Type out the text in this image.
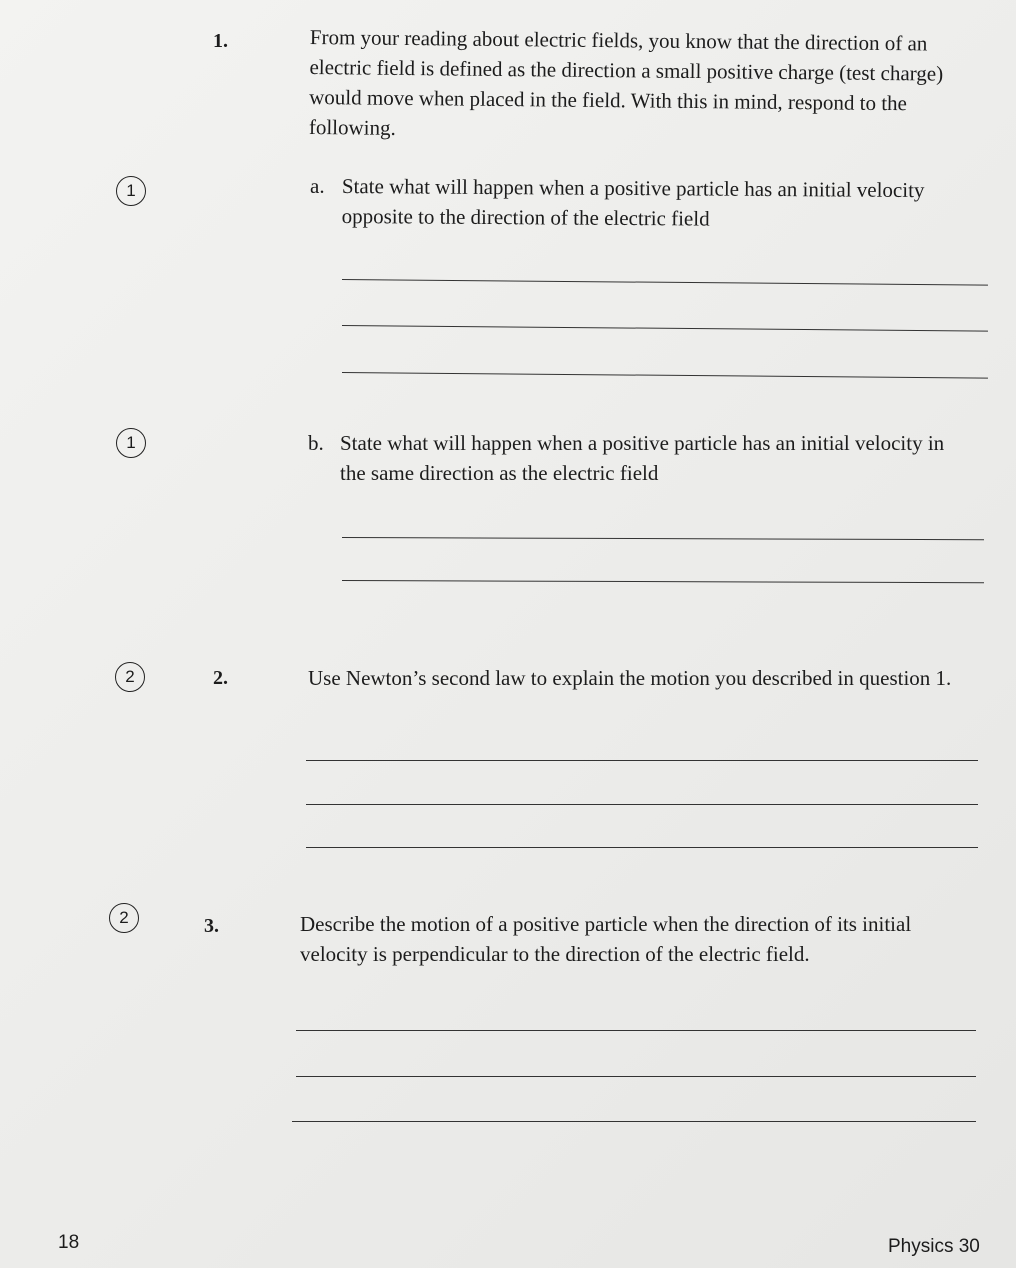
1.	From your reading about electric fields, you know that the direction of an electric field is defined as the direction a small positive charge (test charge) would move when placed in the field. With this in mind, respond to the following.
1	a. State what will happen when a positive particle has an initial velocity opposite to the direction of the electric field
1	b. State what will happen when a positive particle has an initial velocity in the same direction as the electric field
2	2.	Use Newton’s second law to explain the motion you described in question 1.
2	3.	Describe the motion of a positive particle when the direction of its initial velocity is perpendicular to the direction of the electric field.
18	Physics 30
